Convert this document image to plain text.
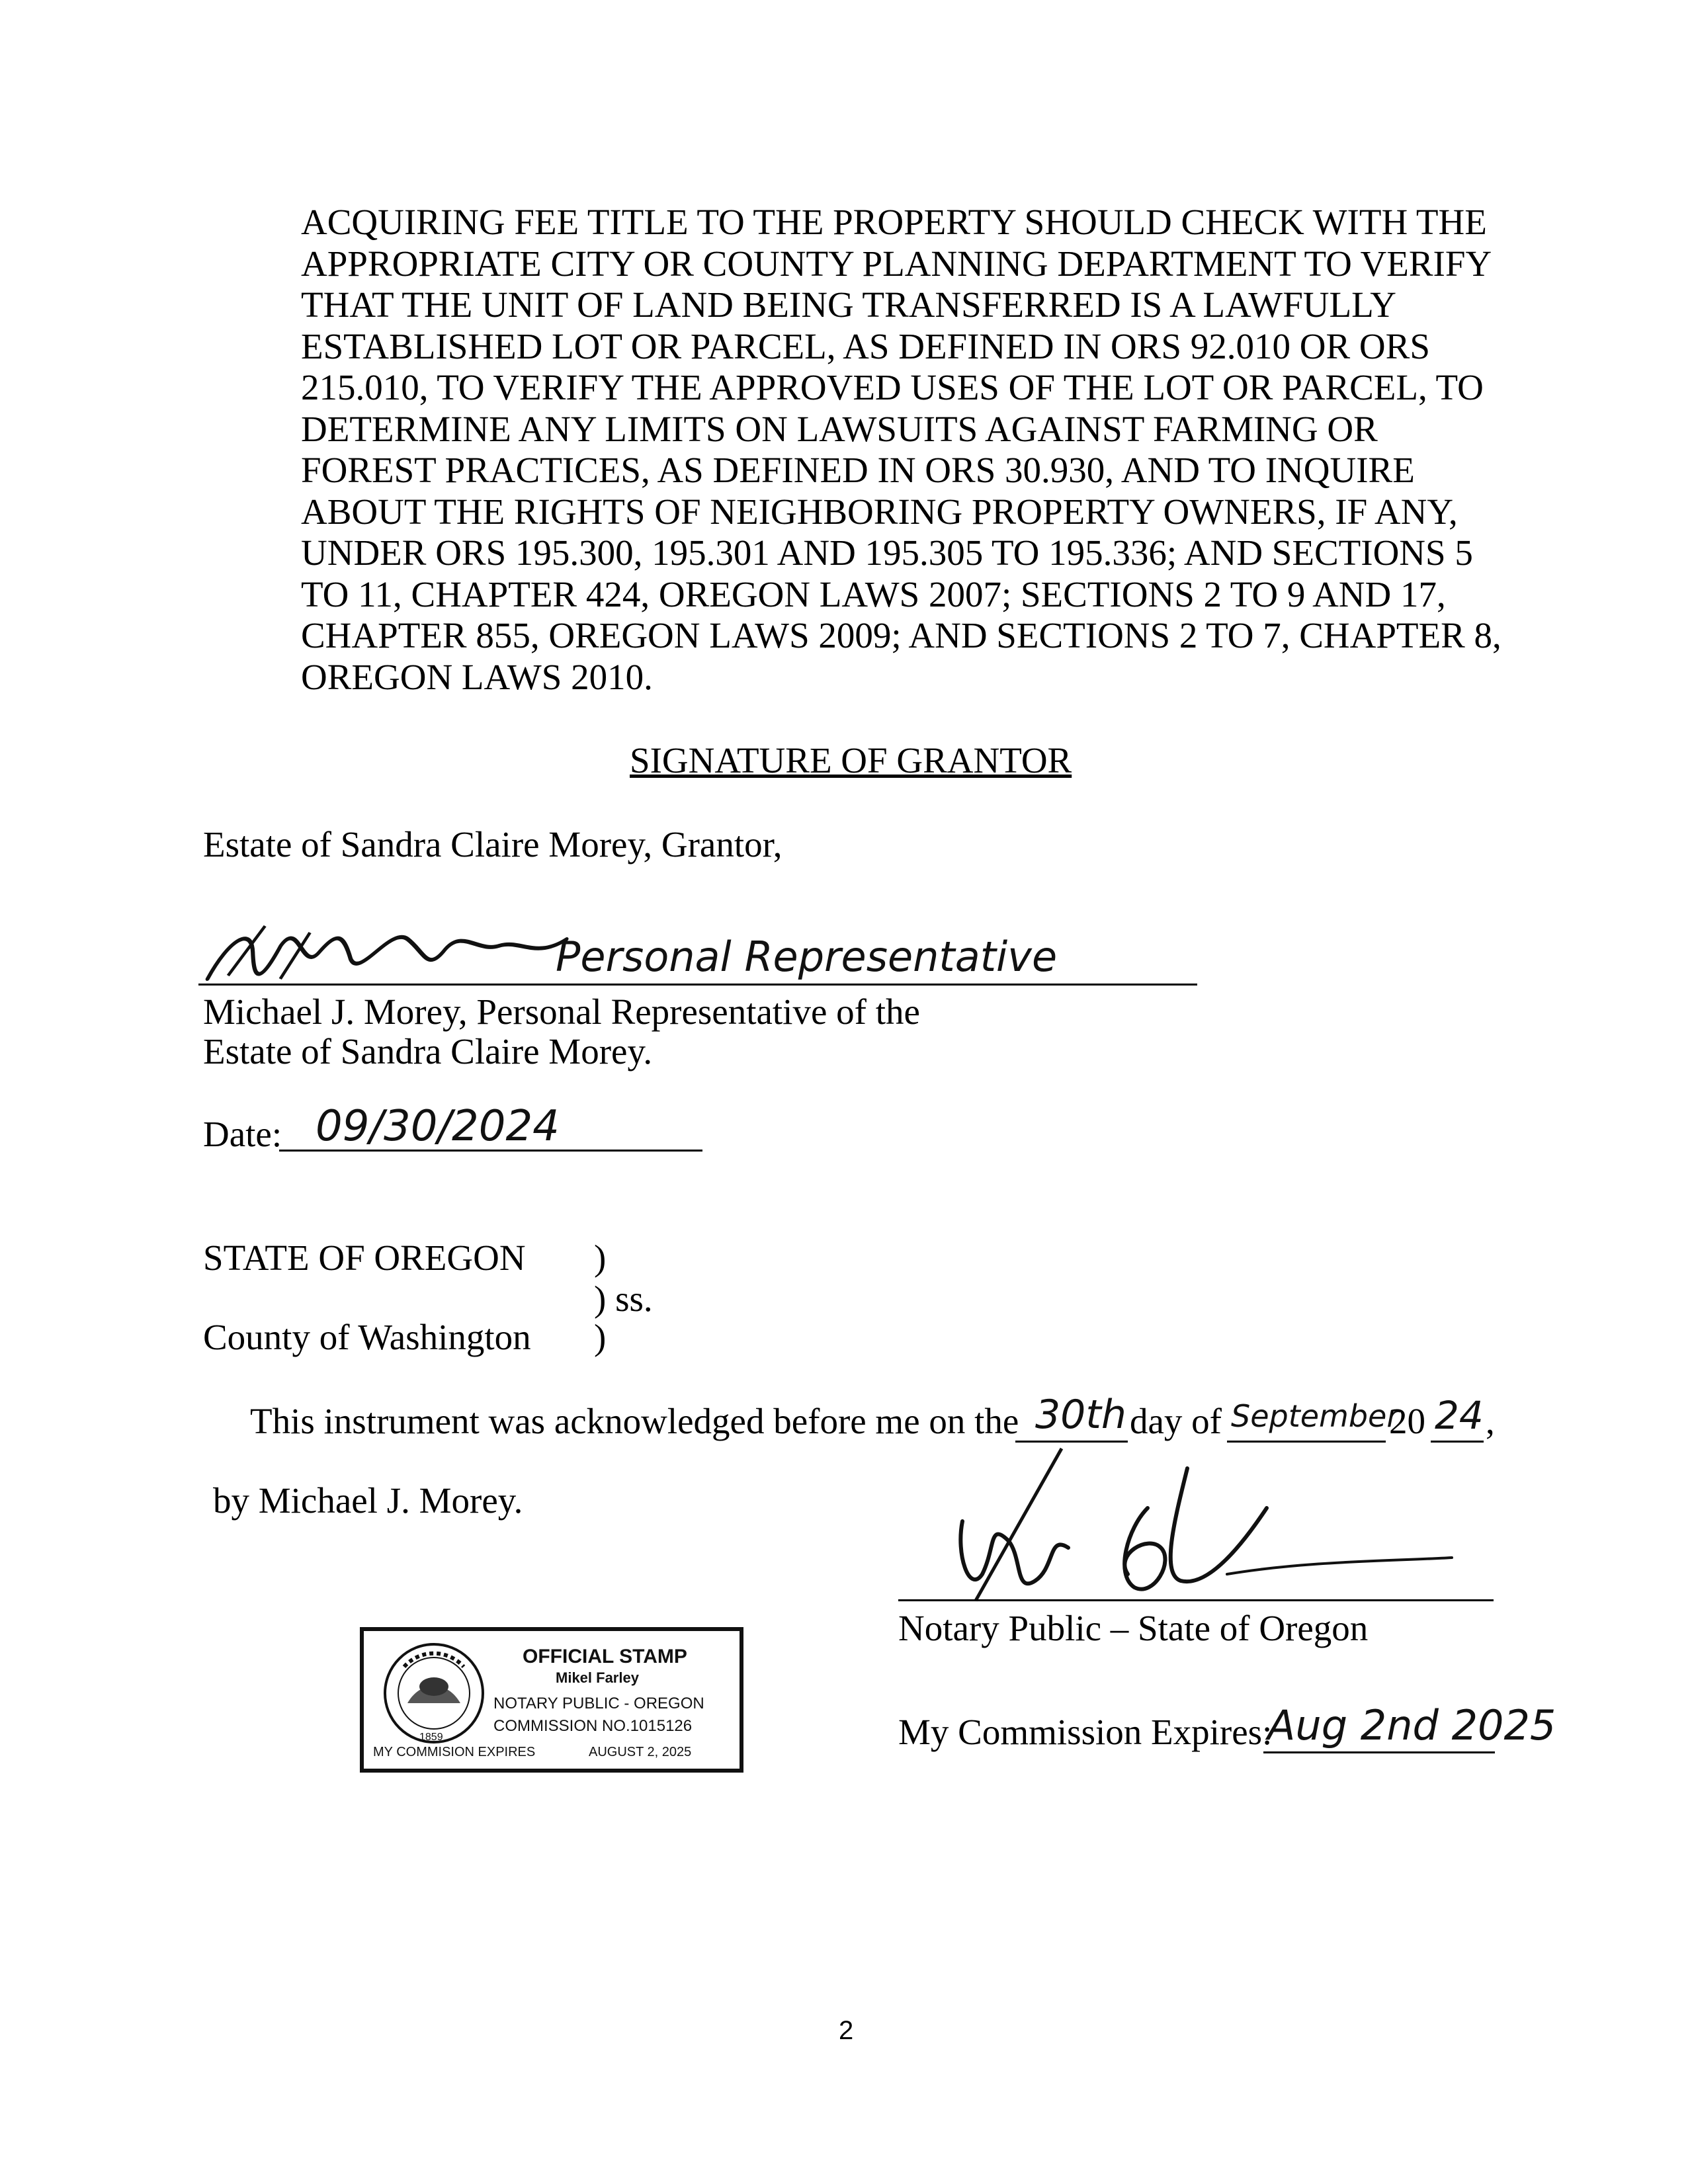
ACQUIRING FEE TITLE TO THE PROPERTY SHOULD CHECK WITH THE
APPROPRIATE CITY OR COUNTY PLANNING DEPARTMENT TO VERIFY
THAT THE UNIT OF LAND BEING TRANSFERRED IS A LAWFULLY
ESTABLISHED LOT OR PARCEL, AS DEFINED IN ORS 92.010 OR ORS
215.010, TO VERIFY THE APPROVED USES OF THE LOT OR PARCEL, TO
DETERMINE ANY LIMITS ON LAWSUITS AGAINST FARMING OR
FOREST PRACTICES, AS DEFINED IN ORS 30.930, AND TO INQUIRE
ABOUT THE RIGHTS OF NEIGHBORING PROPERTY OWNERS, IF ANY,
UNDER ORS 195.300, 195.301 AND 195.305 TO 195.336; AND SECTIONS 5
TO 11, CHAPTER 424, OREGON LAWS 2007; SECTIONS 2 TO 9 AND 17,
CHAPTER 855, OREGON LAWS 2009; AND SECTIONS 2 TO 7, CHAPTER 8,
OREGON LAWS 2010.
SIGNATURE OF GRANTOR
Estate of Sandra Claire Morey, Grantor,
Personal Representative
Michael J. Morey, Personal Representative of the
Estate of Sandra Claire Morey.
Date: 09/30/2024
STATE OF OREGON )
) ss.
County of Washington )
This instrument was acknowledged before me on the 30th day of September
20 24 ,
by Michael J. Morey.
Notary Public – State of Oregon
My Commission Expires:
Aug 2nd 2025
1859
OFFICIAL STAMP
Mikel Farley
NOTARY PUBLIC - OREGON
COMMISSION NO.1015126
MY COMMISION EXPIRES	AUGUST 2, 2025
2
